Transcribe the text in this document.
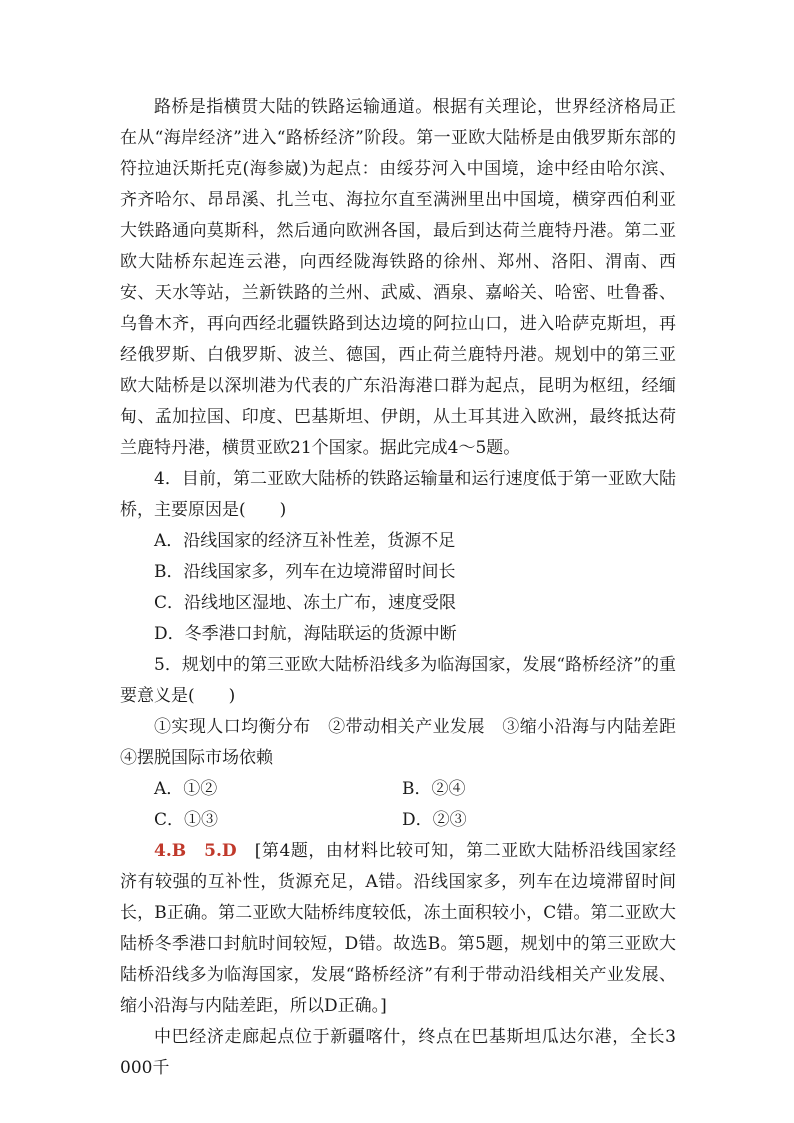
路桥是指横贯大陆的铁路运输通道。根据有关理论，世界经济格局正在从“海岸经济”进入“路桥经济”阶段。第一亚欧大陆桥是由俄罗斯东部的符拉迪沃斯托克(海参崴)为起点：由绥芬河入中国境，途中经由哈尔滨、齐齐哈尔、昂昂溪、扎兰屯、海拉尔直至满洲里出中国境，横穿西伯利亚大铁路通向莫斯科，然后通向欧洲各国，最后到达荷兰鹿特丹港。第二亚欧大陆桥东起连云港，向西经陇海铁路的徐州、郑州、洛阳、渭南、西安、天水等站，兰新铁路的兰州、武威、酒泉、嘉峪关、哈密、吐鲁番、乌鲁木齐，再向西经北疆铁路到达边境的阿拉山口，进入哈萨克斯坦，再经俄罗斯、白俄罗斯、波兰、德国，西止荷兰鹿特丹港。规划中的第三亚欧大陆桥是以深圳港为代表的广东沿海港口群为起点，昆明为枢纽，经缅甸、孟加拉国、印度、巴基斯坦、伊朗，从土耳其进入欧洲，最终抵达荷兰鹿特丹港，横贯亚欧21个国家。据此完成4～5题。

4．目前，第二亚欧大陆桥的铁路运输量和运行速度低于第一亚欧大陆桥，主要原因是(　　)

A．沿线国家的经济互补性差，货源不足

B．沿线国家多，列车在边境滞留时间长

C．沿线地区湿地、冻土广布，速度受限

D．冬季港口封航，海陆联运的货源中断

5．规划中的第三亚欧大陆桥沿线多为临海国家，发展“路桥经济”的重要意义是(　　)

①实现人口均衡分布　②带动相关产业发展　③缩小沿海与内陆差距　④摆脱国际市场依赖

A．①②	B．②④
C．①③	D．②③

4.B　5.D　 [第4题，由材料比较可知，第二亚欧大陆桥沿线国家经济有较强的互补性，货源充足，A错。沿线国家多，列车在边境滞留时间长，B正确。第二亚欧大陆桥纬度较低，冻土面积较小，C错。第二亚欧大陆桥冬季港口封航时间较短，D错。故选B。第5题，规划中的第三亚欧大陆桥沿线多为临海国家，发展“路桥经济”有利于带动沿线相关产业发展、缩小沿海与内陆差距，所以D正确。]

中巴经济走廊起点位于新疆喀什，终点在巴基斯坦瓜达尔港，全长3 000千
